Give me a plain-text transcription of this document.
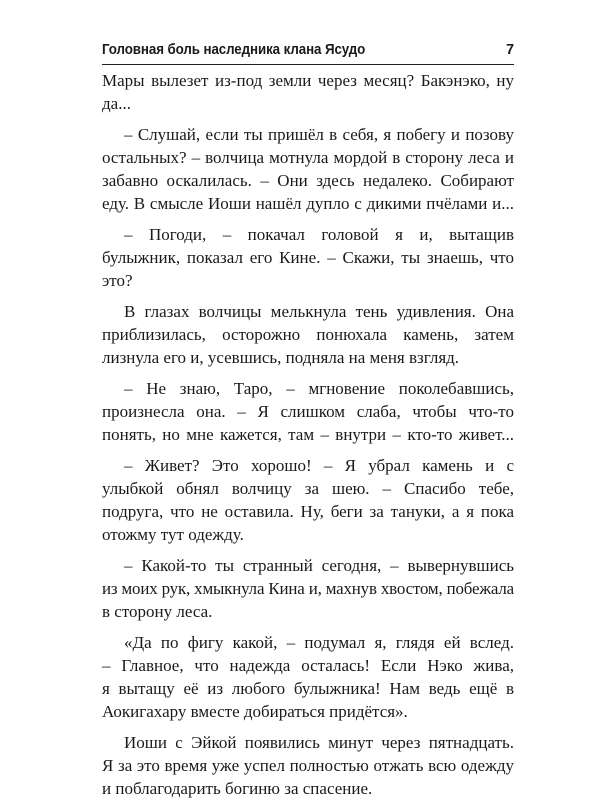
Головная боль наследника клана Ясудо	7
Мары вылезет из-под земли через месяц? Бакэнэко, ну
да...
– Слушай, если ты пришёл в себя, я побегу и позову
остальных? – волчица мотнула мордой в сторону леса и
забавно оскалилась. – Они здесь недалеко. Собирают
еду. В смысле Иоши нашёл дупло с дикими пчёлами и...
– Погоди, – покачал головой я и, вытащив
булыжник, показал его Кине. – Скажи, ты знаешь, что
это?
В глазах волчицы мелькнула тень удивления. Она
приблизилась, осторожно понюхала камень, затем
лизнула его и, усевшись, подняла на меня взгляд.
– Не знаю, Таро, – мгновение поколебавшись,
произнесла она. – Я слишком слаба, чтобы что-то
понять, но мне кажется, там – внутри – кто-то живет...
– Живет? Это хорошо! – Я убрал камень и с
улыбкой обнял волчицу за шею. – Спасибо тебе,
подруга, что не оставила. Ну, беги за тануки, а я пока
отожму тут одежду.
– Какой-то ты странный сегодня, – вывернувшись
из моих рук, хмыкнула Кина и, махнув хвостом, побежала
в сторону леса.
«Да по фигу какой, – подумал я, глядя ей вслед.
– Главное, что надежда осталась! Если Нэко жива,
я вытащу её из любого булыжника! Нам ведь ещё в
Аокигахару вместе добираться придётся».
Иоши с Эйкой появились минут через пятнадцать.
Я за это время уже успел полностью отжать всю одежду
и поблагодарить богиню за спасение.
